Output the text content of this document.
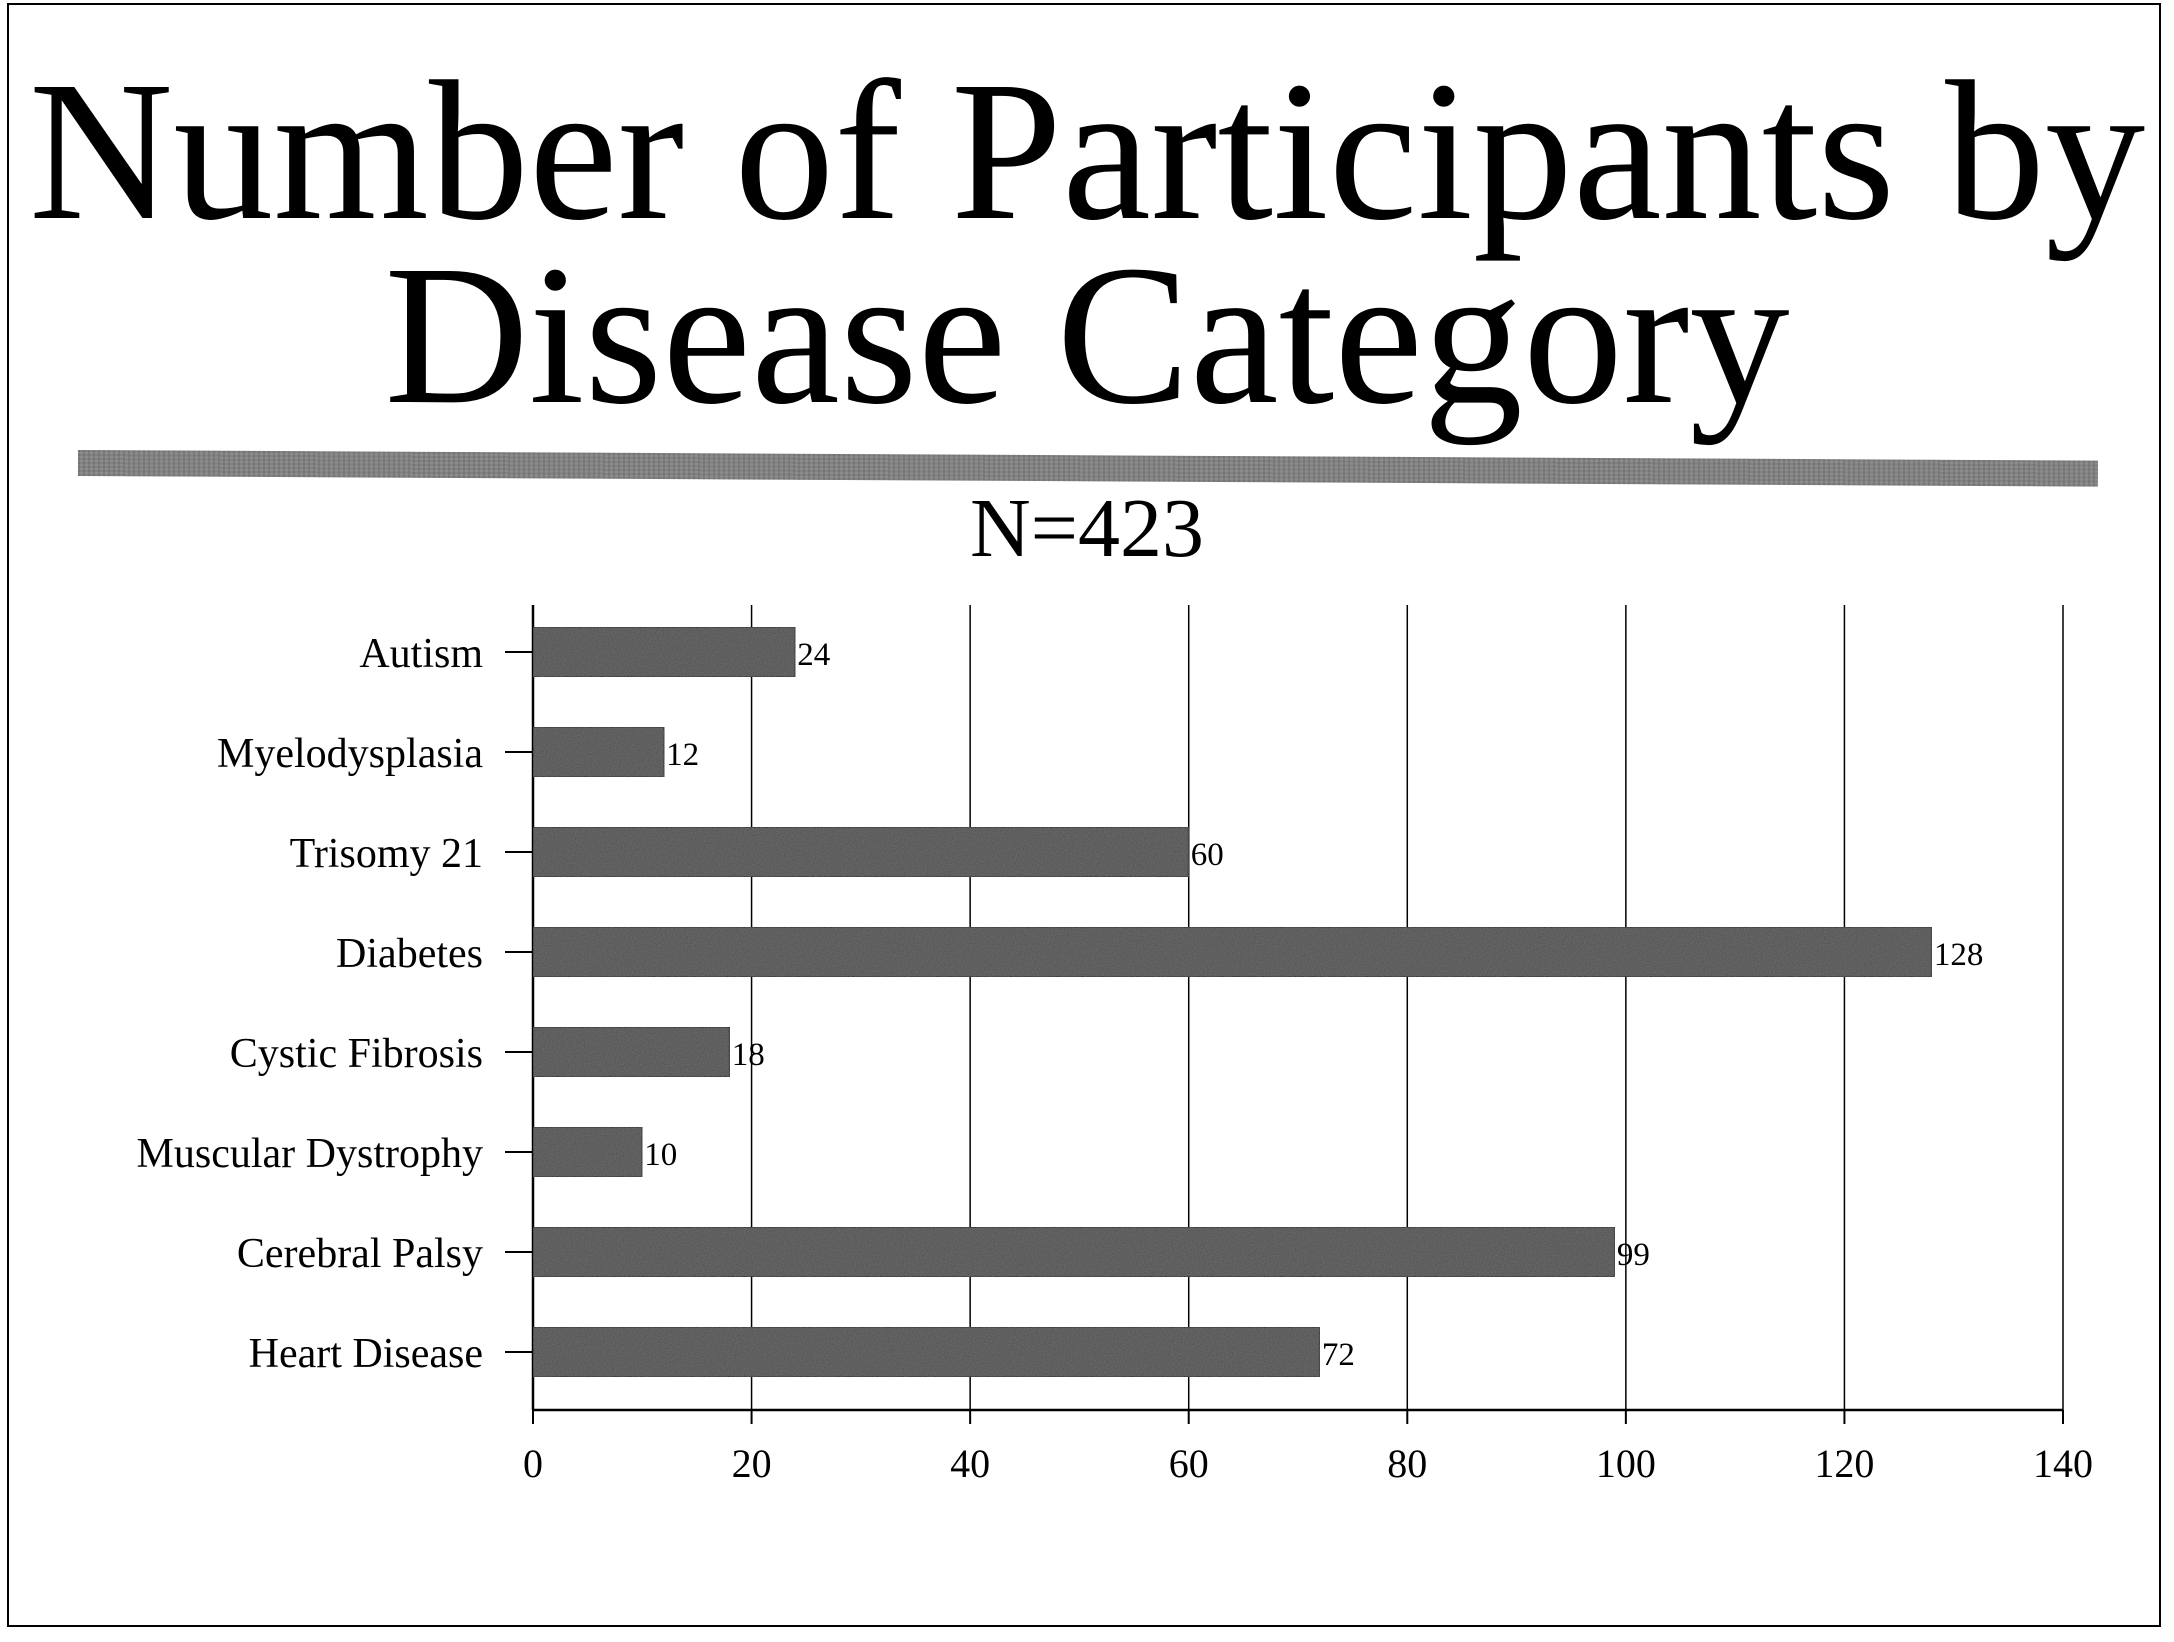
Number of Participants by
Disease Category
N=423
Autism
Myelodysplasia
Trisomy 21
Diabetes
Cystic Fibrosis
Muscular Dystrophy
Cerebral Palsy
Heart Disease
24
12
60
128
18
10
99
72
0	20	40	60	80	100	120	140
